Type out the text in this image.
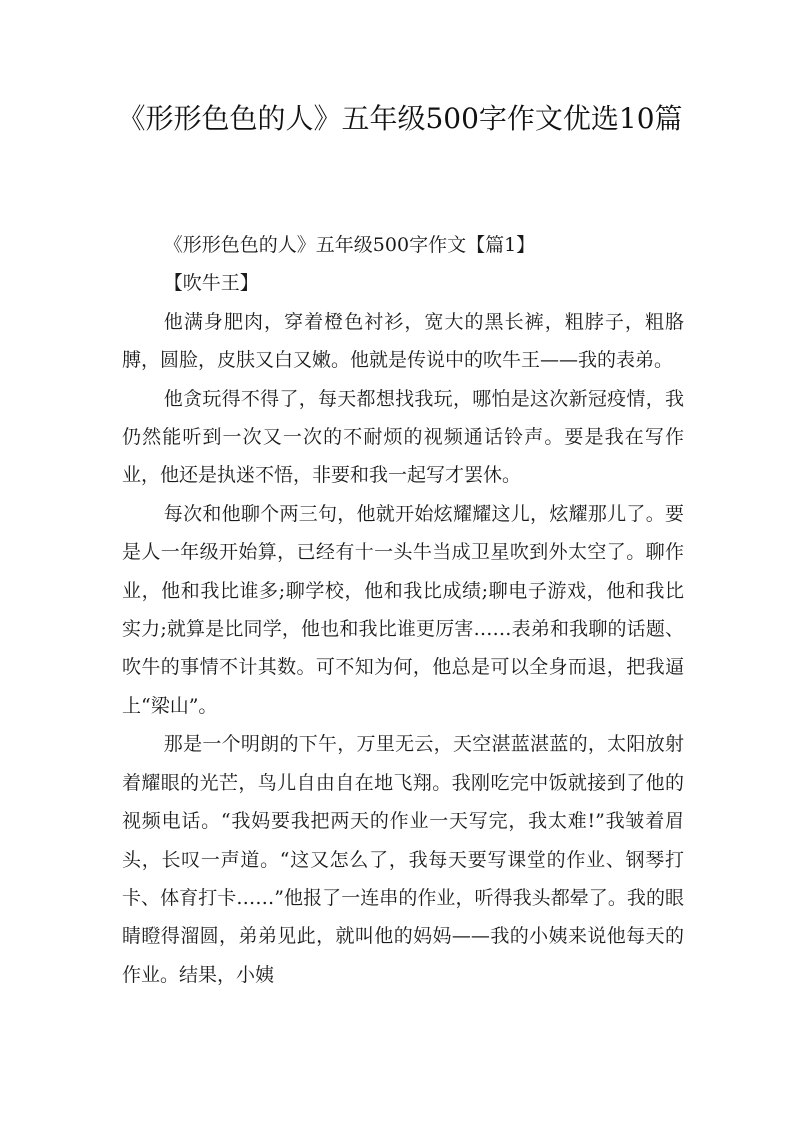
《形形色色的人》五年级500字作文优选10篇

《形形色色的人》五年级500字作文【篇1】

【吹牛王】

他满身肥肉，穿着橙色衬衫，宽大的黑长裤，粗脖子，粗胳膊，圆脸，皮肤又白又嫩。他就是传说中的吹牛王——我的表弟。

他贪玩得不得了，每天都想找我玩，哪怕是这次新冠疫情，我仍然能听到一次又一次的不耐烦的视频通话铃声。要是我在写作业，他还是执迷不悟，非要和我一起写才罢休。

每次和他聊个两三句，他就开始炫耀耀这儿，炫耀那儿了。要是人一年级开始算，已经有十一头牛当成卫星吹到外太空了。聊作业，他和我比谁多;聊学校，他和我比成绩;聊电子游戏，他和我比实力;就算是比同学，他也和我比谁更厉害……表弟和我聊的话题、吹牛的事情不计其数。可不知为何，他总是可以全身而退，把我逼上“梁山”。

那是一个明朗的下午，万里无云，天空湛蓝湛蓝的，太阳放射着耀眼的光芒，鸟儿自由自在地飞翔。我刚吃完中饭就接到了他的视频电话。“我妈要我把两天的作业一天写完，我太难!”我皱着眉头，长叹一声道。“这又怎么了，我每天要写课堂的作业、钢琴打卡、体育打卡……”他报了一连串的作业，听得我头都晕了。我的眼睛瞪得溜圆，弟弟见此，就叫他的妈妈——我的小姨来说他每天的作业。结果，小姨
